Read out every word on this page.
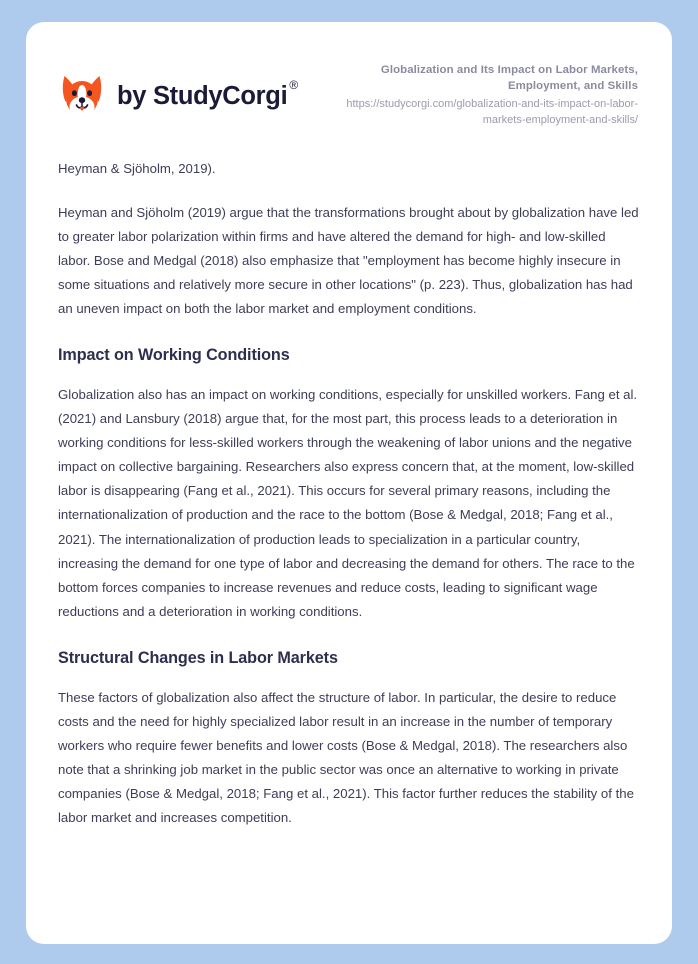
by StudyCorgi ®
Globalization and Its Impact on Labor Markets, Employment, and Skills
https://studycorgi.com/globalization-and-its-impact-on-labor-markets-employment-and-skills/

Heyman & Sjöholm, 2019).

Heyman and Sjöholm (2019) argue that the transformations brought about by globalization have led to greater labor polarization within firms and have altered the demand for high- and low-skilled labor. Bose and Medgal (2018) also emphasize that "employment has become highly insecure in some situations and relatively more secure in other locations" (p. 223). Thus, globalization has had an uneven impact on both the labor market and employment conditions.

Impact on Working Conditions

Globalization also has an impact on working conditions, especially for unskilled workers. Fang et al. (2021) and Lansbury (2018) argue that, for the most part, this process leads to a deterioration in working conditions for less-skilled workers through the weakening of labor unions and the negative impact on collective bargaining. Researchers also express concern that, at the moment, low-skilled labor is disappearing (Fang et al., 2021). This occurs for several primary reasons, including the internationalization of production and the race to the bottom (Bose & Medgal, 2018; Fang et al., 2021). The internationalization of production leads to specialization in a particular country, increasing the demand for one type of labor and decreasing the demand for others. The race to the bottom forces companies to increase revenues and reduce costs, leading to significant wage reductions and a deterioration in working conditions.

Structural Changes in Labor Markets

These factors of globalization also affect the structure of labor. In particular, the desire to reduce costs and the need for highly specialized labor result in an increase in the number of temporary workers who require fewer benefits and lower costs (Bose & Medgal, 2018). The researchers also note that a shrinking job market in the public sector was once an alternative to working in private companies (Bose & Medgal, 2018; Fang et al., 2021). This factor further reduces the stability of the labor market and increases competition.
